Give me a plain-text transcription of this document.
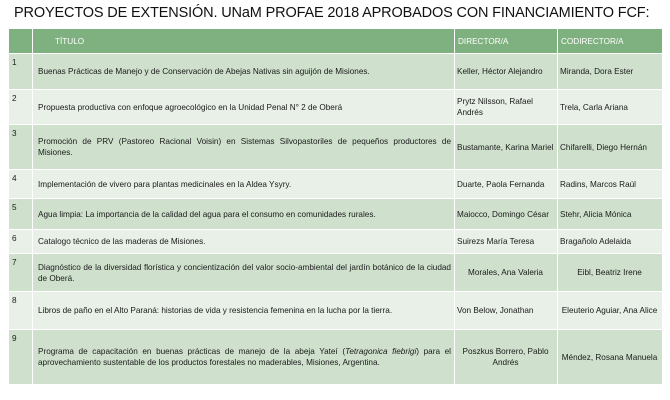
PROYECTOS DE EXTENSIÓN. UNaM PROFAE 2018 APROBADOS CON FINANCIAMIENTO FCF:
	TÍTULO	DIRECTOR/A	CODIRECTOR/A
1	Buenas Prácticas de Manejo y de Conservación de Abejas Nativas sin aguijón de Misiones.	Keller, Héctor Alejandro	Miranda, Dora Ester
2	Propuesta productiva con enfoque agroecológico en la Unidad Penal N° 2 de Oberá	Prytz Nilsson, Rafael Andrés	Trela, Carla Ariana
3	Promoción de PRV (Pastoreo Racional Voisin) en Sistemas Silvopastoriles de pequeños productores de Misiones.	Bustamante, Karina Mariel	Chifarelli, Diego Hernán
4	Implementación de vivero para plantas medicinales en la Aldea Ysyry.	Duarte, Paola Fernanda	Radins, Marcos Raúl
5	Agua limpia: La importancia de la calidad del agua para el consumo en comunidades rurales.	Maiocco, Domingo César	Stehr, Alicia Mónica
6	Catalogo técnico de las maderas de Misiones.	Suirezs María Teresa	Bragañolo Adelaida
7	Diagnóstico de la diversidad florística y concientización del valor socio-ambiental del jardín botánico de la ciudad de Oberá.	Morales, Ana Valeria	Eibl, Beatriz Irene
8	Libros de paño en el Alto Paraná: historias de vida y resistencia femenina en la lucha por la tierra.	Von Below, Jonathan	Eleuterio Aguiar, Ana Alice
9	Programa de capacitación en buenas prácticas de manejo de la abeja Yateí (Tetragonica fiebrigi) para el aprovechamiento sustentable de los productos forestales no maderables, Misiones, Argentina.	Poszkus Borrero, Pablo Andrés	Méndez, Rosana Manuela
